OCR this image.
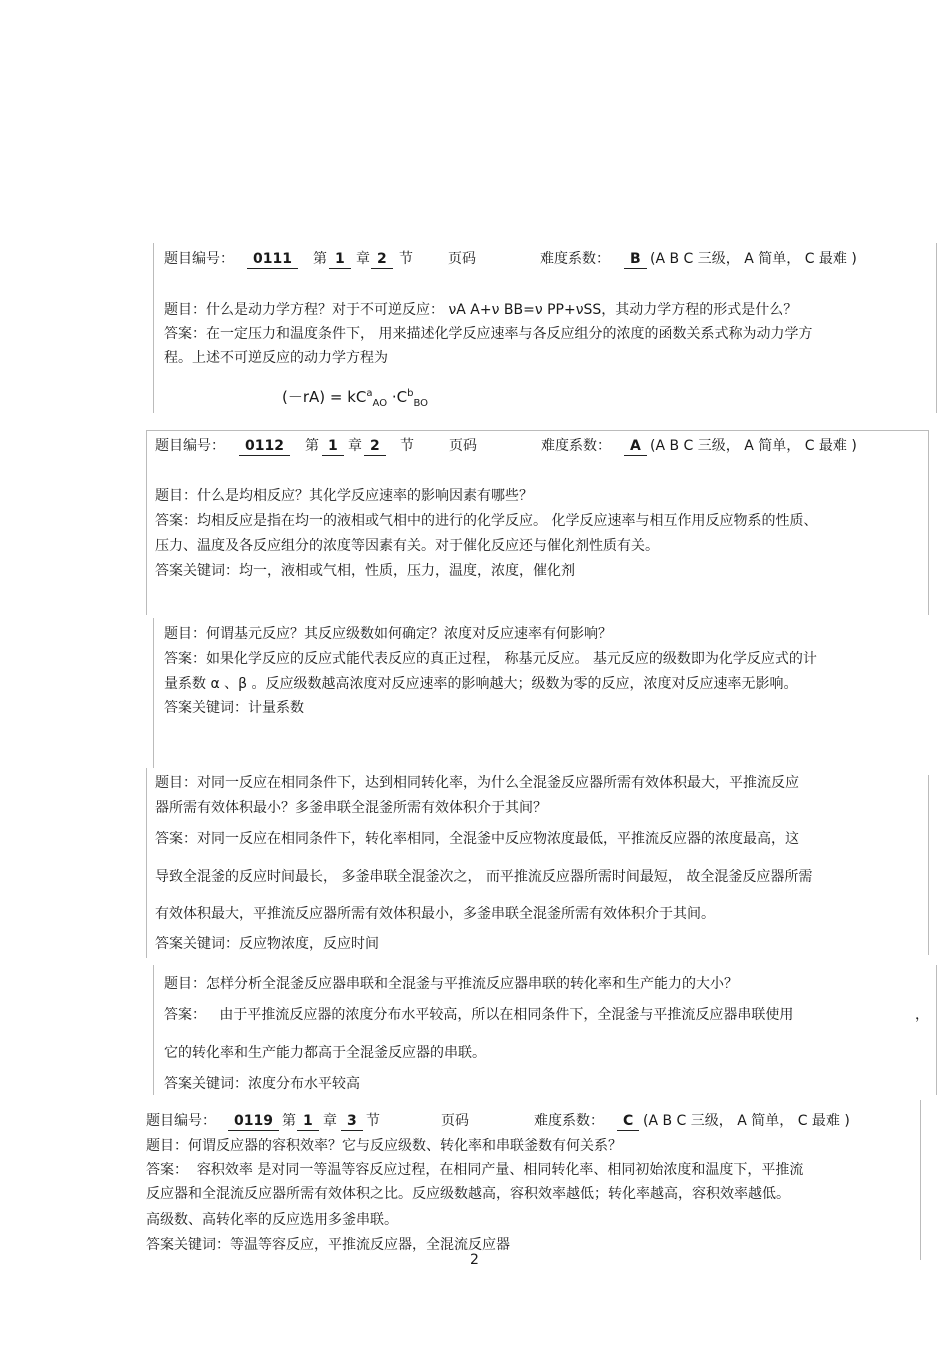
题目编号：	0111	第 1 章 2 节	页码	难度系数：	B (A B C 三级， A 简单， C 最难 )
题目：什么是动力学方程？对于不可逆反应： νA A+ν BB=ν PP+νSS，其动力学方程的形式是什么？
答案：在一定压力和温度条件下， 用来描述化学反应速率与各反应组分的浓度的函数关系式称为动力学方
程。上述不可逆反应的动力学方程为
$(-rA) = kC^a_{AO} \cdot C^b_{BO}$
题目编号：	0112	第 1 章 2	节	页码	难度系数：	A (A B C 三级， A 简单， C 最难 )
题目：什么是均相反应？其化学反应速率的影响因素有哪些？
答案：均相反应是指在均一的液相或气相中的进行的化学反应。 化学反应速率与相互作用反应物系的性质、
压力、温度及各反应组分的浓度等因素有关。对于催化反应还与催化剂性质有关。
答案关键词：均一，液相或气相，性质，压力，温度，浓度，催化剂
题目：何谓基元反应？其反应级数如何确定？浓度对反应速率有何影响？
答案：如果化学反应的反应式能代表反应的真正过程， 称基元反应。 基元反应的级数即为化学反应式的计
量系数 α 、β 。反应级数越高浓度对反应速率的影响越大；级数为零的反应，浓度对反应速率无影响。
答案关键词：计量系数
题目：对同一反应在相同条件下，达到相同转化率，为什么全混釜反应器所需有效体积最大，平推流反应
器所需有效体积最小？多釜串联全混釜所需有效体积介于其间？
答案：对同一反应在相同条件下，转化率相同，全混釜中反应物浓度最低，平推流反应器的浓度最高，这
导致全混釜的反应时间最长， 多釜串联全混釜次之， 而平推流反应器所需时间最短， 故全混釜反应器所需
有效体积最大，平推流反应器所需有效体积最小，多釜串联全混釜所需有效体积介于其间。
答案关键词：反应物浓度，反应时间
题目：怎样分析全混釜反应器串联和全混釜与平推流反应器串联的转化率和生产能力的大小？
答案： 由于平推流反应器的浓度分布水平较高，所以在相同条件下，全混釜与平推流反应器串联使用	，
它的转化率和生产能力都高于全混釜反应器的串联。
答案关键词：浓度分布水平较高
题目编号：	0119 第 1 章 3 节	页码	难度系数：	C (A B C 三级， A 简单， C 最难 )
题目：何谓反应器的容积效率？它与反应级数、转化率和串联釜数有何关系？
答案： 容积效率 是对同一等温等容反应过程，在相同产量、相同转化率、相同初始浓度和温度下，平推流
反应器和全混流反应器所需有效体积之比。反应级数越高，容积效率越低；转化率越高，容积效率越低。
高级数、高转化率的反应选用多釜串联。
答案关键词：等温等容反应，平推流反应器，全混流反应器
2
